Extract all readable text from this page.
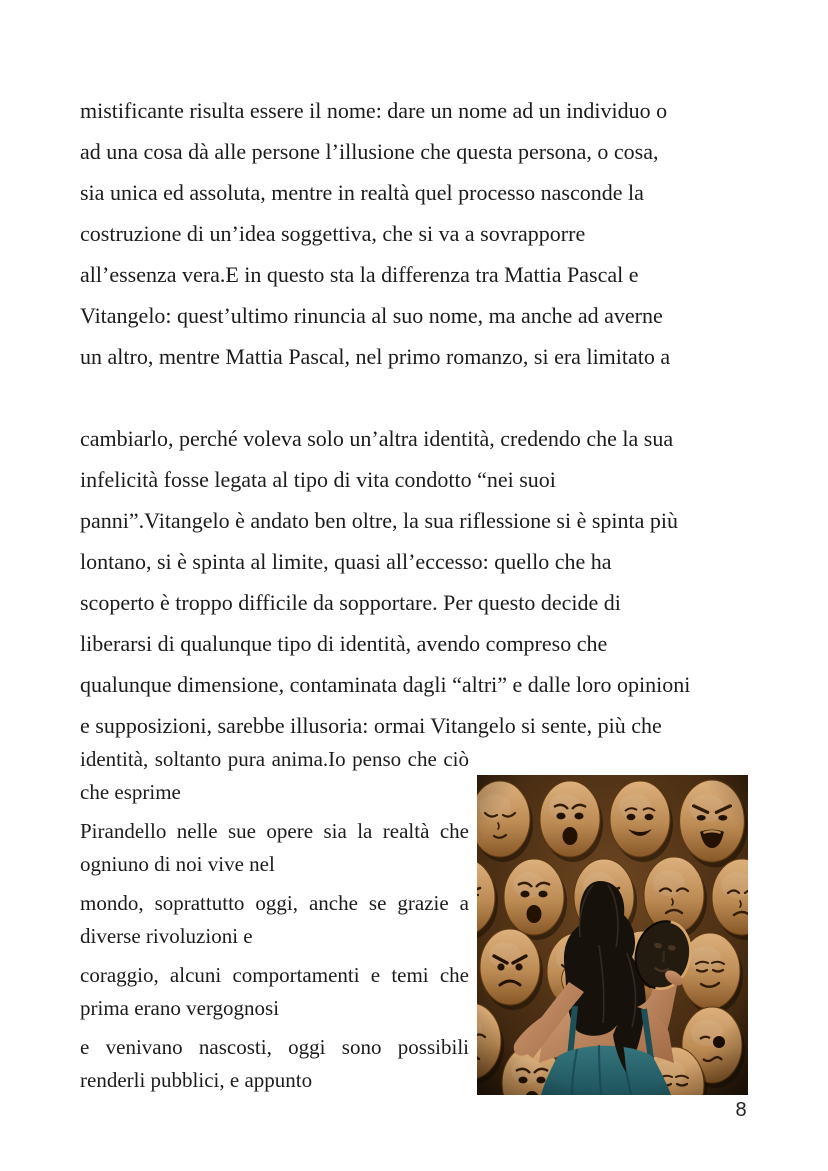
mistificante risulta essere il nome: dare un nome ad un individuo o
ad una cosa dà alle persone l’illusione che questa persona, o cosa,
sia unica ed assoluta, mentre in realtà quel processo nasconde la
costruzione di un’idea soggettiva, che si va a sovrapporre
all’essenza vera.E in questo sta la differenza tra Mattia Pascal e
Vitangelo: quest’ultimo rinuncia al suo nome, ma anche ad averne
un altro, mentre Mattia Pascal, nel primo romanzo, si era limitato a
cambiarlo, perché voleva solo un’altra identità, credendo che la sua
infelicità fosse legata al tipo di vita condotto “nei suoi
panni”.Vitangelo è andato ben oltre, la sua riflessione si è spinta più
lontano, si è spinta al limite, quasi all’eccesso: quello che ha
scoperto è troppo difficile da sopportare. Per questo decide di
liberarsi di qualunque tipo di identità, avendo compreso che
qualunque dimensione, contaminata dagli “altri” e dalle loro opinioni
e supposizioni, sarebbe illusoria: ormai Vitangelo si sente, più che
identità, soltanto pura anima.Io penso che ciò
che esprime
Pirandello nelle sue opere sia la realtà che
ogniuno di noi vive nel
mondo, soprattutto oggi, anche se grazie a
diverse rivoluzioni e
coraggio, alcuni comportamenti e temi che
prima erano vergognosi
e venivano nascosti, oggi sono possibili
renderli pubblici, e appunto
8
